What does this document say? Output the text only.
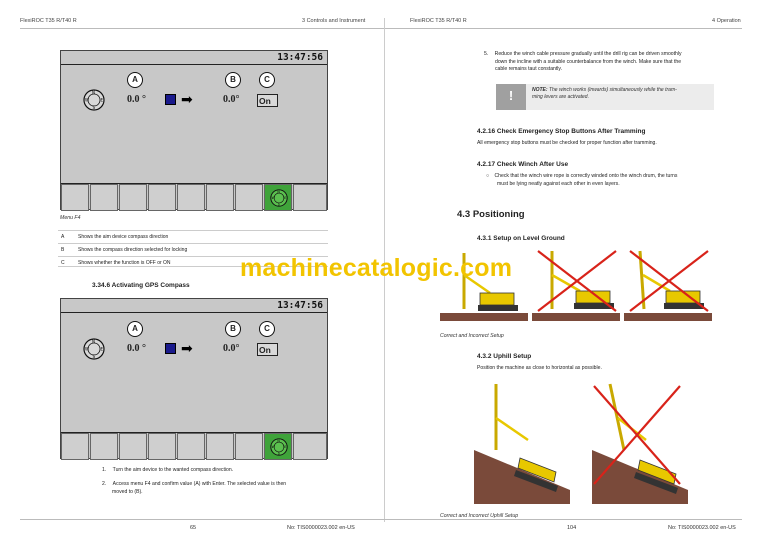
FlexiROC T35 R/T40 R	3 Controls and Instrument	FlexiROC T35 R/T40 R	4 Operation
13:47:56
A	B	C
N
W	E
S
0.0 °	➡	0.0° On
N
W E
S
Menu F4
A	Shows the aim device compass direction
B	Shows the compass direction selected for locking
C	Shows whether the function is OFF or ON
3.34.6 Activating GPS Compass
13:47:56
A	B	C
N
W	E
S
0.0 °	➡	0.0° On
N
W E
S
1. Turn the aim device to the wanted compass direction.
2. Access menu F4 and confirm value (A) with Enter. The selected value is then
moved to (B).
5. Reduce the winch cable pressure gradually until the drill rig can be driven smoothly
down the incline with a suitable counterbalance from the winch. Make sure that the
cable remains taut constantly.
!	NOTE: The winch works (inwards) simultaneously while the tram-
ming levers are activated.
4.2.16 Check Emergency Stop Buttons After Tramming
All emergency stop buttons must be checked for proper function after tramming.
4.2.17 Check Winch After Use
○ Check that the winch wire rope is correctly winded onto the winch drum, the turns
must be lying neatly against each other in even layers.
4.3 Positioning
4.3.1 Setup on Level Ground
Correct and Incorrect Setup
4.3.2 Uphill Setup
Position the machine as close to horizontal as possible.
Correct and Incorrect Uphill Setup
machinecatalogic.com
65	No: TIS0000023.002 en-US	104	No: TIS0000023.002 en-US
